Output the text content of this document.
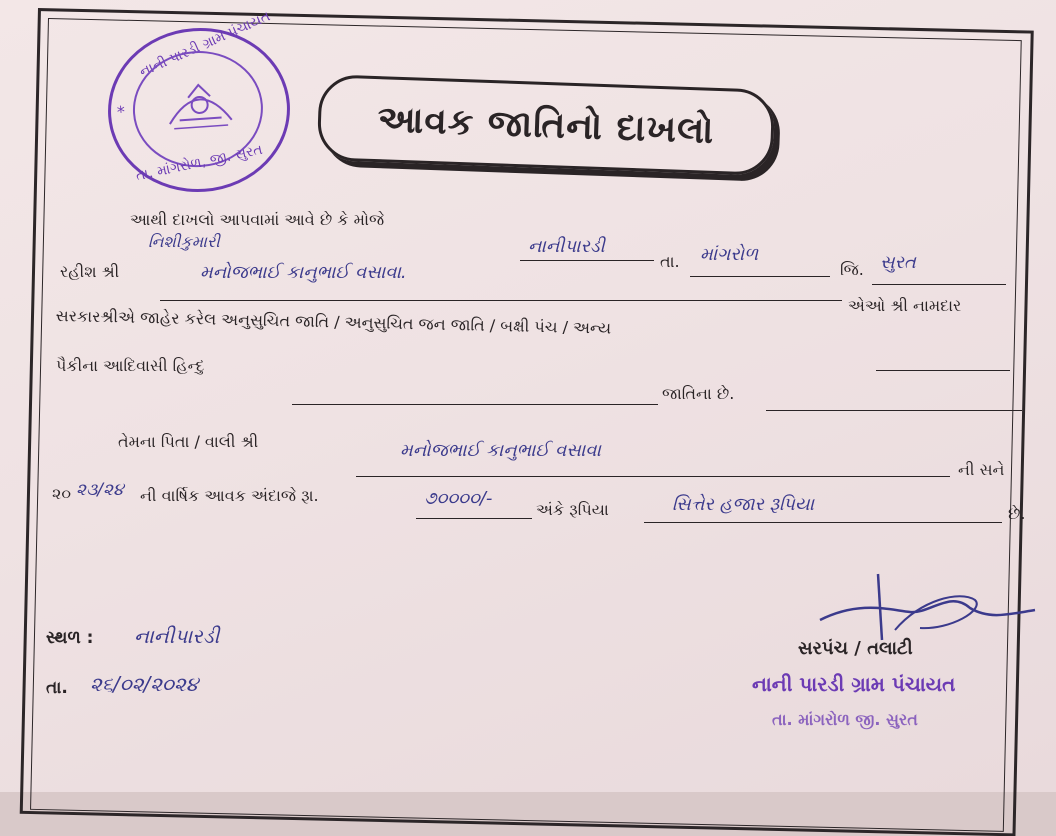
નાની પારડી ગ્રામ પંચાયત
*
તા. માંગરોળ, જી. સુરત
આવક જાતિનો દાખલો
આથી દાખલો આપવામાં આવે છે કે મોજે
નાનીપારડી
તા. માંગરોળ
જિ. સુરત
નિશીકુમારી
રહીશ શ્રી	મનોજભાઈ કાનુભાઈ વસાવા.
એઓ શ્રી નામદાર
સરકારશ્રીએ જાહેર કરેલ અનુસુચિત જાતિ / અનુસુચિત જન જાતિ / બક્ષી પંચ / અન્ય
પૈકીના આદિવાસી હિન્દુ
જાતિના છે.
તેમના પિતા / વાલી શ્રી	મનોજભાઈ કાનુભાઈ વસાવા
ની સને
૨૦ ૨૩/૨૪ ની વાર્ષિક આવક અંદાજે રૂા.	૭૦૦૦૦/-
અંકે રૂપિયા	સિત્તેર હજાર રૂપિયા	છે.
સ્થળ : નાનીપારડી
તા. ૨૬/૦૨/૨૦૨૪
સરપંચ / તલાટી
નાની પારડી ગ્રામ પંચાયત
તા. માંગરોળ જી. સુરત
